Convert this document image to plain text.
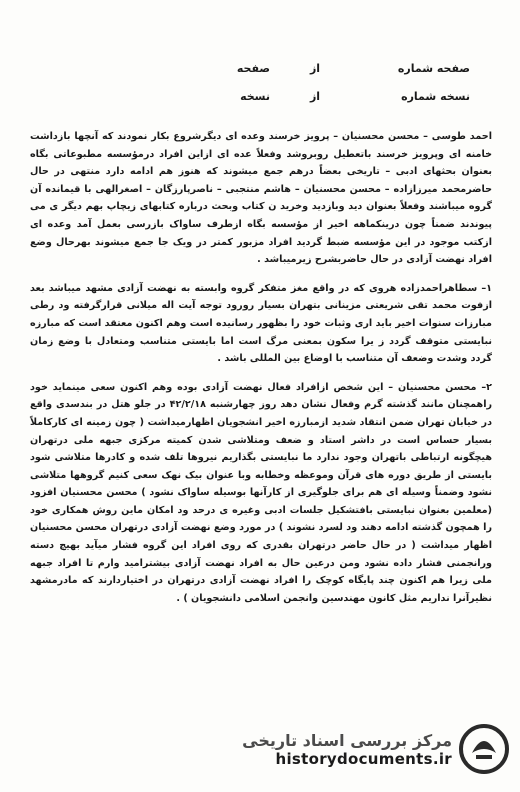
صفحه شماره
از
صفحه
نسخه شماره
از
نسخه

احمد طوسی – محسن محسنیان – پرویز خرسند وعده ای دیگرشروع بکار نمودند که آنچها بازداشت خامنه ای وپرویز خرسند باتعطیل روبروشد وفعلاً عده ای ازاین افراد درمؤسسه مطبوعاتی بگاه بعنوان بحثهای ادبی – تاریخی بعضاً درهم جمع میشوند که هنوز هم ادامه دارد منتهی در حال حاضرمحمد میرزازاده – محسن محسنیان – هاشم منتجبی – ناصرپارزگان – اصغرالهی با قیمانده آن گروه میباشند وفعلاً بعنوان دید وبازدید وخرید ن کتاب وبحث درباره کتابهای زیچاپ بهم دیگر ی می پیوندند ضمناً چون درینکماهه اخیر از مؤسسه بگاه ازطرف ساواک بازرسی بعمل آمد وعده ای ازکتب موجود در این مؤسسه ضبط گردید افراد مزبور کمتر در ویک جا جمع میشوند بهرحال وضع افراد نهضت آزادی در حال حاضربشرح زیرمیباشد .

۱– سطاهراحمدزاده هروی که در واقع مغز متفکر گروه وابسته به نهضت آزادی مشهد میباشد بعد ازفوت محمد تقی شریعتی مزینانی بتهران بسیار رورود توجه آیت اله میلانی قرارگرفته ود رطی مبارزات سنوات اخیر باید اری وثبات خود را بظهور رسانیده است وهم اکنون معتقد است که مبارزه نبایستی متوقف گردد ز یرا سکون بمعنی مرگ است اما بایستی متناسب ومتعادل با وضع زمان گردد وشدت وضعف آن متناسب با اوضاع بین المللی باشد .

۲– محسن محسنیان – این شخص ازافراد فعال نهضت آزادی بوده وهم اکنون سعی مینماید خود راهمچنان مانند گذشته گرم وفعال نشان دهد روز چهارشنبه ۴۲/۲/۱۸ در جلو هتل در بندسدی واقع در خیابان تهران ضمن انتقاد شدید ازمبارزه اخیر انشجویان اظهارمیداشت ( چون زمینه ای کارکاملاً بسیار حساس است در داشر استاد و ضعف ومتلاشی شدن کمیته مرکزی جبهه ملی درتهران هیچگونه ارتباطی باتهران وجود ندارد ما نبایستی بگذاریم نیروها تلف شده و کادرها متلاشی شود بایستی از طریق دوره های قرآن وموعظه وخطابه وبا عنوان بیک نهک سعی کنیم گروهها متلاشی نشود وضمناً وسیله ای هم برای جلوگیری از کارآنها بوسیله ساواک نشود ) محسن محسنیان افزود (معلمین بعنوان نبایستی بافتشکیل جلسات ادبی وغیره ی درحد ود امکان ماین روش همکاری خود را همچون گذشته ادامه دهند ود لسرد نشوند ) در مورد وضع نهضت آزادی درتهران محسن محسنیان اظهار میداشت ( در حال حاضر درتهران بقدری که روی افراد این گروه فشار میآید بهیچ دسته ورانجمنی فشار داده نشود ومن درعین حال به افراد نهضت آزادی بیشترامید وارم تا افراد جبهه ملی زیرا هم اکنون چند پایگاه کوچک را افراد نهضت آزادی درتهران در اختیاردارند که مادرمشهد نظیرآنرا نداریم مثل کانون مهندسین وانجمن اسلامی دانشجویان ) .

مرکز بررسی اسناد تاریخی
historydocuments.ir
